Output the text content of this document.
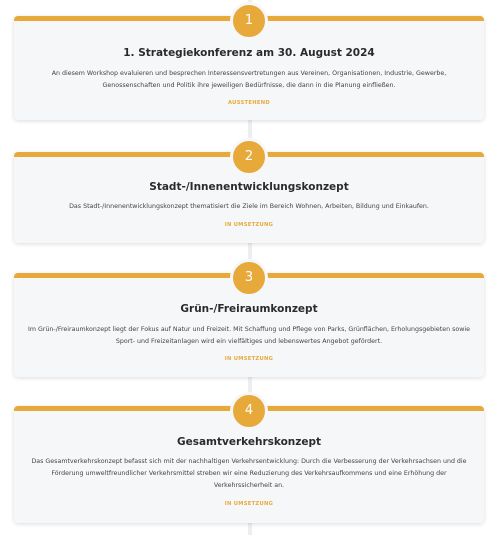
1
1. Strategiekonferenz am 30. August 2024

An diesem Workshop evaluieren und besprechen Interessensvertretungen aus Vereinen, Organisationen, Industrie, Gewerbe, Genossenschaften und Politik ihre jeweiligen Bedürfnisse, die dann in die Planung einfließen.

AUSSTEHEND
2
Stadt-/Innenentwicklungskonzept

Das Stadt-/Innenentwicklungskonzept thematisiert die Ziele im Bereich Wohnen, Arbeiten, Bildung und Einkaufen.

IN UMSETZUNG
3
Grün-/Freiraumkonzept

Im Grün-/Freiraumkonzept liegt der Fokus auf Natur und Freizeit. Mit Schaffung und Pflege von Parks, Grünflächen, Erholungsgebieten sowie Sport- und Freizeitanlagen wird ein vielfältiges und lebenswertes Angebot gefördert.

IN UMSETZUNG
4
Gesamtverkehrskonzept

Das Gesamtverkehrskonzept befasst sich mit der nachhaltigen Verkehrsentwicklung: Durch die Verbesserung der Verkehrsachsen und die Förderung umweltfreundlicher Verkehrsmittel streben wir eine Reduzierung des Verkehrsaufkommens und eine Erhöhung der Verkehrssicherheit an.

IN UMSETZUNG
